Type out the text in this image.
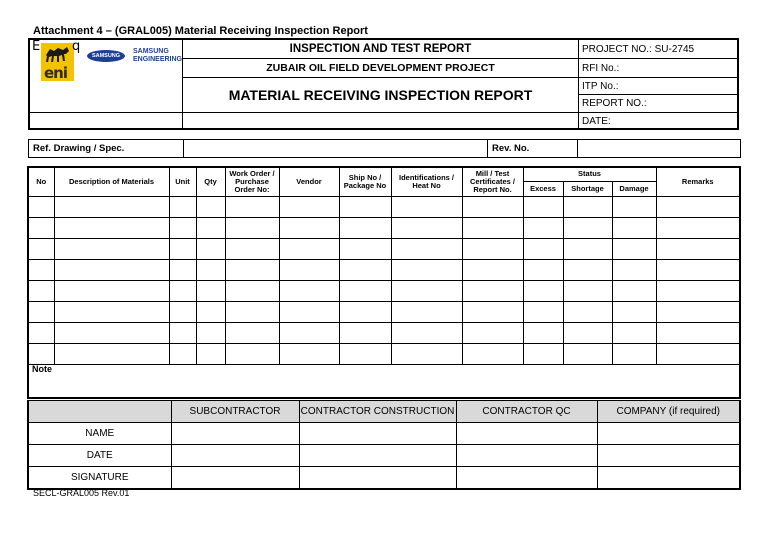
Attachment 4 – (GRAL005) Material Receiving Inspection Report
E
eni
q
SAMSUNG
SAMSUNG
ENGINEERING
INSPECTION AND TEST REPORT
ZUBAIR OIL FIELD DEVELOPMENT PROJECT
MATERIAL RECEIVING INSPECTION REPORT
PROJECT NO.: SU-2745
RFI No.:
ITP No.:
REPORT NO.:
DATE:
Ref. Drawing / Spec.	Rev. No.
No	Description of Materials	Unit	Qty	Work Order / Purchase Order No:	Vendor	Ship No / Package No	Identifications / Heat No	Mill / Test Certificates / Report No.	Status			Remarks
									Excess	Shortage	Damage	

Note												
	SUBCONTRACTOR	CONTRACTOR CONSTRUCTION	CONTRACTOR QC	COMPANY (if required)
NAME				
DATE				
SIGNATURE				
SECL-GRAL005 Rev.01
